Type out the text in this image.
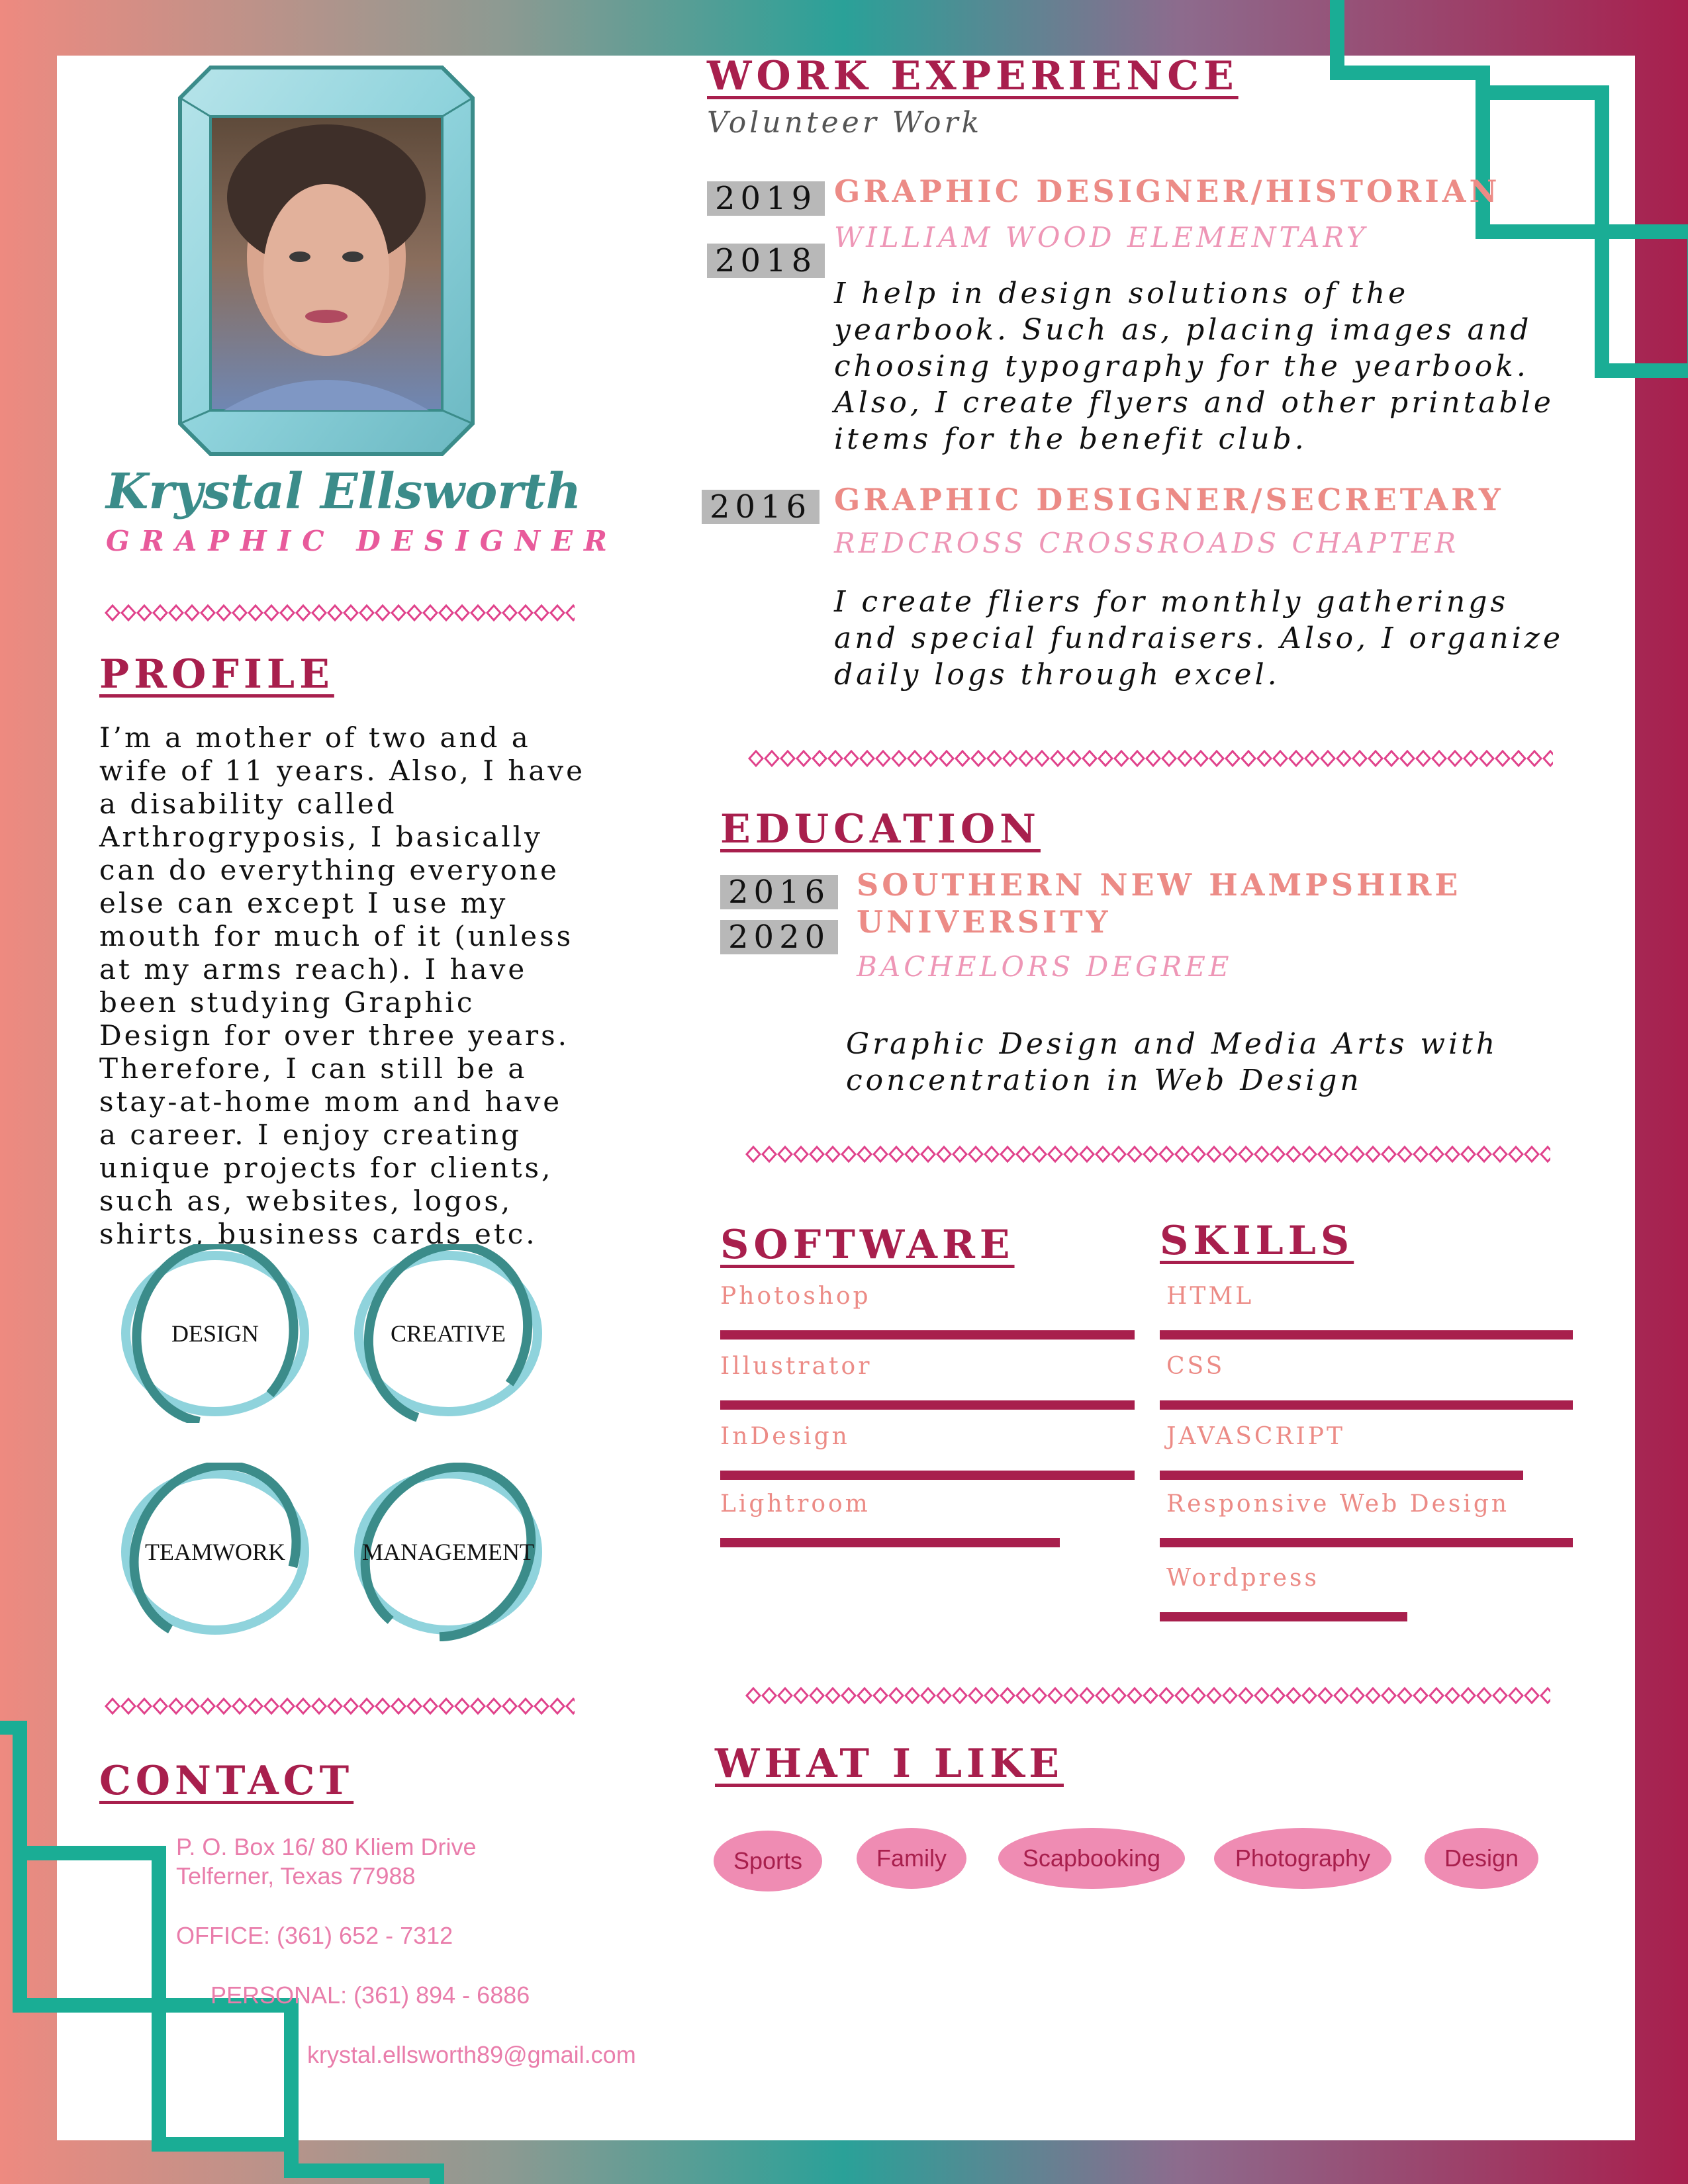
Krystal Ellsworth
GRAPHIC DESIGNER
PROFILE

I’m a mother of two and a wife of 11 years. Also, I have a disability called Arthrogryposis, I basically can do everything everyone else can except I use my mouth for much of it (unless at my arms reach). I have been studying Graphic Design for over three years. Therefore, I can still be a stay-at-home mom and have a career. I enjoy creating unique projects for clients, such as, websites, logos, shirts, business cards etc.

DESIGN	CREATIVE
TEAMWORK	MANAGEMENT
CONTACT
P. O. Box 16/ 80 Kliem Drive
Telferner, Texas 77988
OFFICE: (361) 652 - 7312
PERSONAL: (361) 894 - 6886
krystal.ellsworth89@gmail.com
WORK EXPERIENCE
Volunteer Work
2019
2018
GRAPHIC DESIGNER/HISTORIAN
WILLIAM WOOD ELEMENTARY

I help in design solutions of the yearbook. Such as, placing images and choosing typography for the yearbook. Also, I create flyers and other printable items for the benefit club.

2016 GRAPHIC DESIGNER/SECRETARY
REDCROSS CROSSROADS CHAPTER

I create fliers for monthly gatherings and special fundraisers. Also, I organize daily logs through excel.

EDUCATION
2016
2020
SOUTHERN NEW HAMPSHIRE
UNIVERSITY
BACHELORS DEGREE

Graphic Design and Media Arts with concentration in Web Design

SOFTWARE	SKILLS
Photoshop
Illustrator
InDesign
Lightroom
HTML
CSS
JAVASCRIPT
Responsive Web Design
Wordpress
WHAT I LIKE
Sports	Family	Scapbooking	Photography	Design
